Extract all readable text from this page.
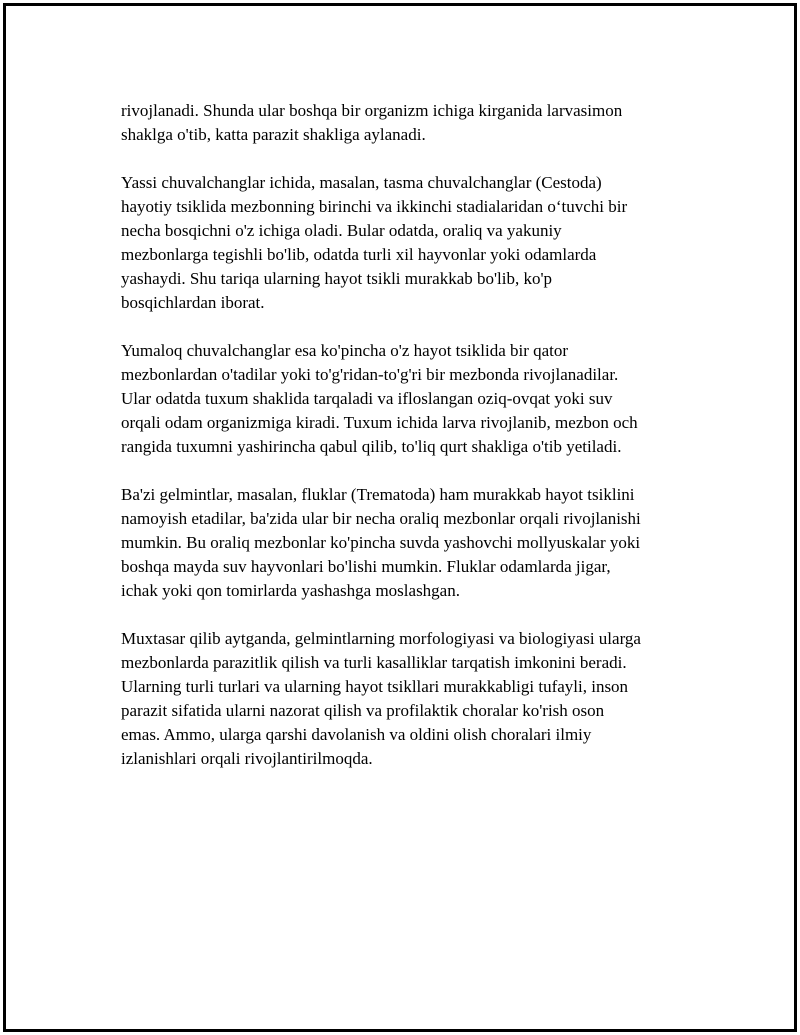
rivojlanadi. Shunda ular boshqa bir organizm ichiga kirganida larvasimon
shaklga o'tib, katta parazit shakliga aylanadi.

Yassi chuvalchanglar ichida, masalan, tasma chuvalchanglar (Cestoda)
hayotiy tsiklida mezbonning birinchi va ikkinchi stadialaridan o‘tuvchi bir
necha bosqichni o'z ichiga oladi. Bular odatda, oraliq va yakuniy
mezbonlarga tegishli bo'lib, odatda turli xil hayvonlar yoki odamlarda
yashaydi. Shu tariqa ularning hayot tsikli murakkab bo'lib, ko'p
bosqichlardan iborat.

Yumaloq chuvalchanglar esa ko'pincha o'z hayot tsiklida bir qator
mezbonlardan o'tadilar yoki to'g'ridan-to'g'ri bir mezbonda rivojlanadilar.
Ular odatda tuxum shaklida tarqaladi va ifloslangan oziq-ovqat yoki suv
orqali odam organizmiga kiradi. Tuxum ichida larva rivojlanib, mezbon och
rangida tuxumni yashirincha qabul qilib, to'liq qurt shakliga o'tib yetiladi.

Ba'zi gelmintlar, masalan, fluklar (Trematoda) ham murakkab hayot tsiklini
namoyish etadilar, ba'zida ular bir necha oraliq mezbonlar orqali rivojlanishi
mumkin. Bu oraliq mezbonlar ko'pincha suvda yashovchi mollyuskalar yoki
boshqa mayda suv hayvonlari bo'lishi mumkin. Fluklar odamlarda jigar,
ichak yoki qon tomirlarda yashashga moslashgan.

Muxtasar qilib aytganda, gelmintlarning morfologiyasi va biologiyasi ularga
mezbonlarda parazitlik qilish va turli kasalliklar tarqatish imkonini beradi.
Ularning turli turlari va ularning hayot tsikllari murakkabligi tufayli, inson
parazit sifatida ularni nazorat qilish va profilaktik choralar ko'rish oson
emas. Ammo, ularga qarshi davolanish va oldini olish choralari ilmiy
izlanishlari orqali rivojlantirilmoqda.
